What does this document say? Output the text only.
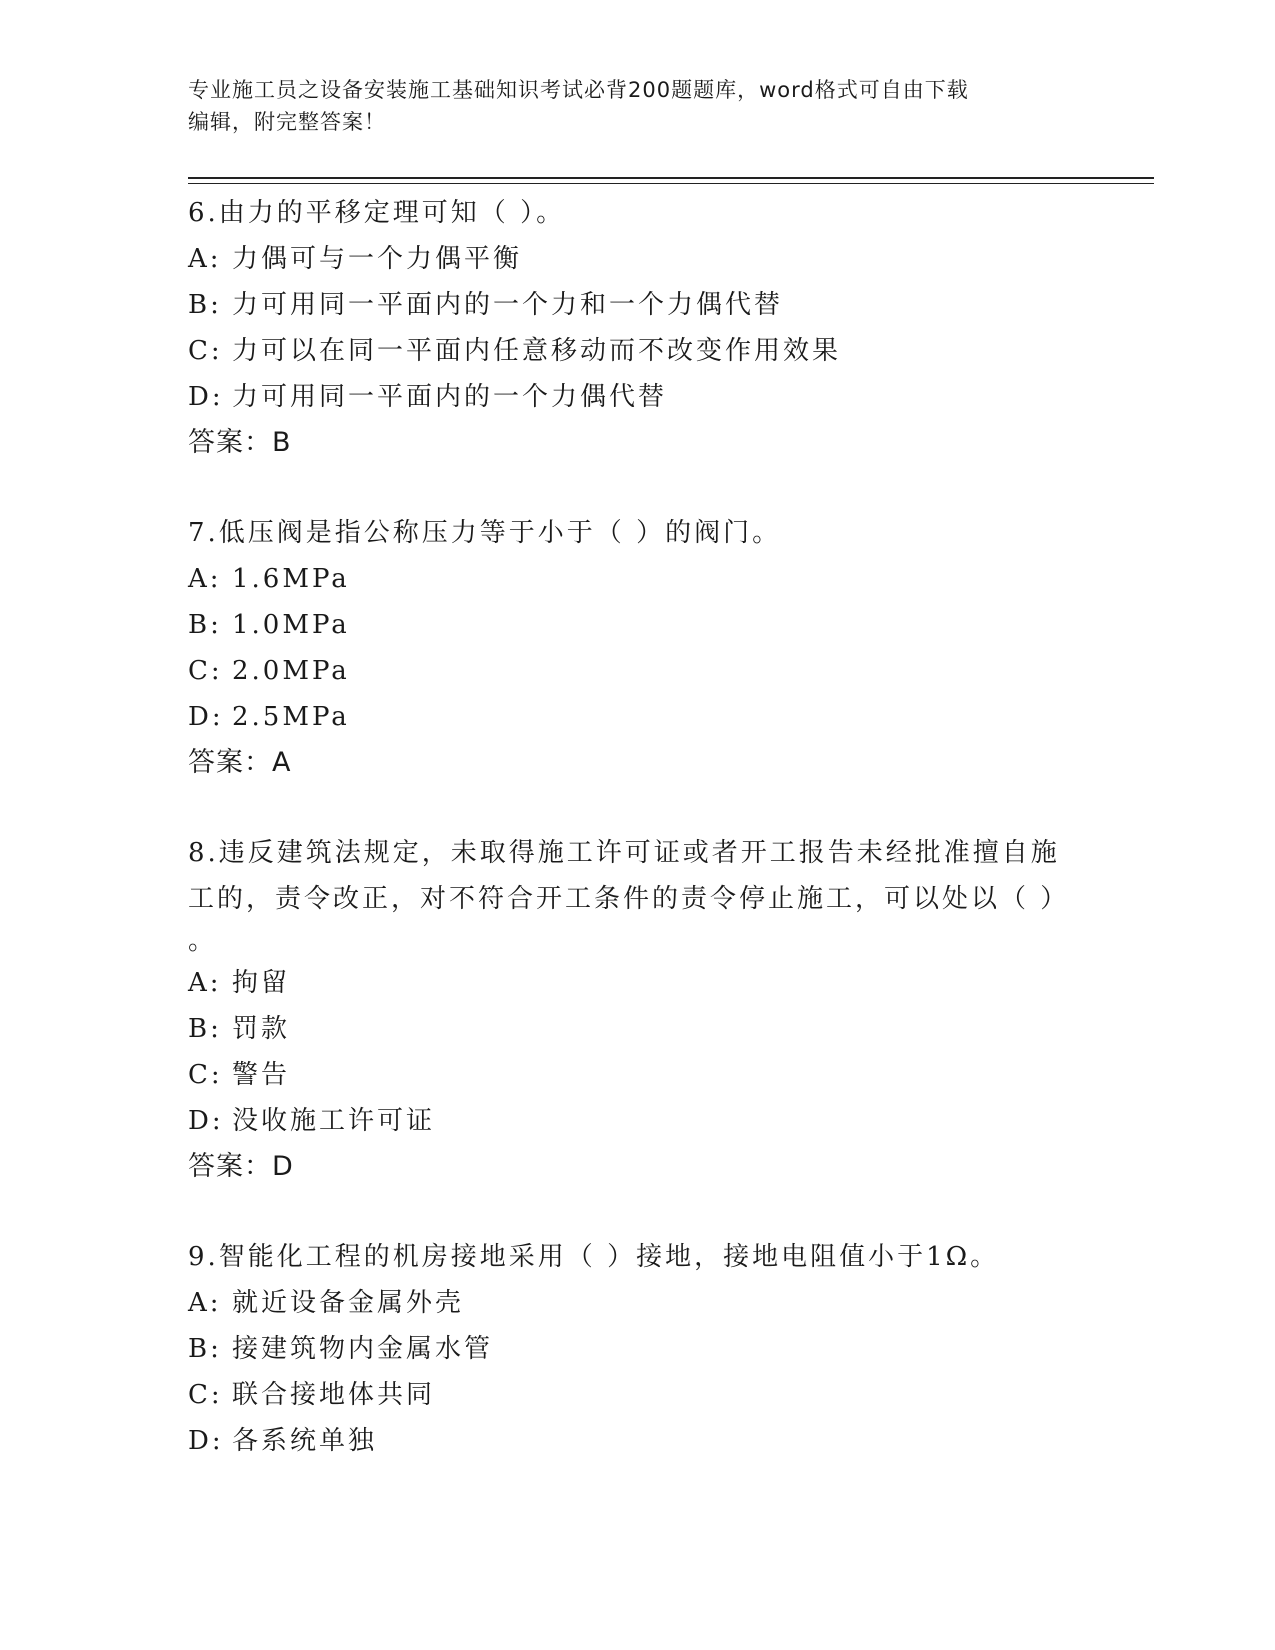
专业施工员之设备安装施工基础知识考试必背200题题库，word格式可自由下载
编辑，附完整答案！
6.由力的平移定理可知（ ）。
A: 力偶可与一个力偶平衡
B: 力可用同一平面内的一个力和一个力偶代替
C: 力可以在同一平面内任意移动而不改变作用效果
D: 力可用同一平面内的一个力偶代替
答案：B
7.低压阀是指公称压力等于小于（ ）的阀门。
A: 1.6MPa
B: 1.0MPa
C: 2.0MPa
D: 2.5MPa
答案：A
8.违反建筑法规定，未取得施工许可证或者开工报告未经批准擅自施
工的，责令改正，对不符合开工条件的责令停止施工，可以处以（ ）
。
A: 拘留
B: 罚款
C: 警告
D: 没收施工许可证
答案：D
9.智能化工程的机房接地采用（ ）接地，接地电阻值小于1Ω。
A: 就近设备金属外壳
B: 接建筑物内金属水管
C: 联合接地体共同
D: 各系统单独
